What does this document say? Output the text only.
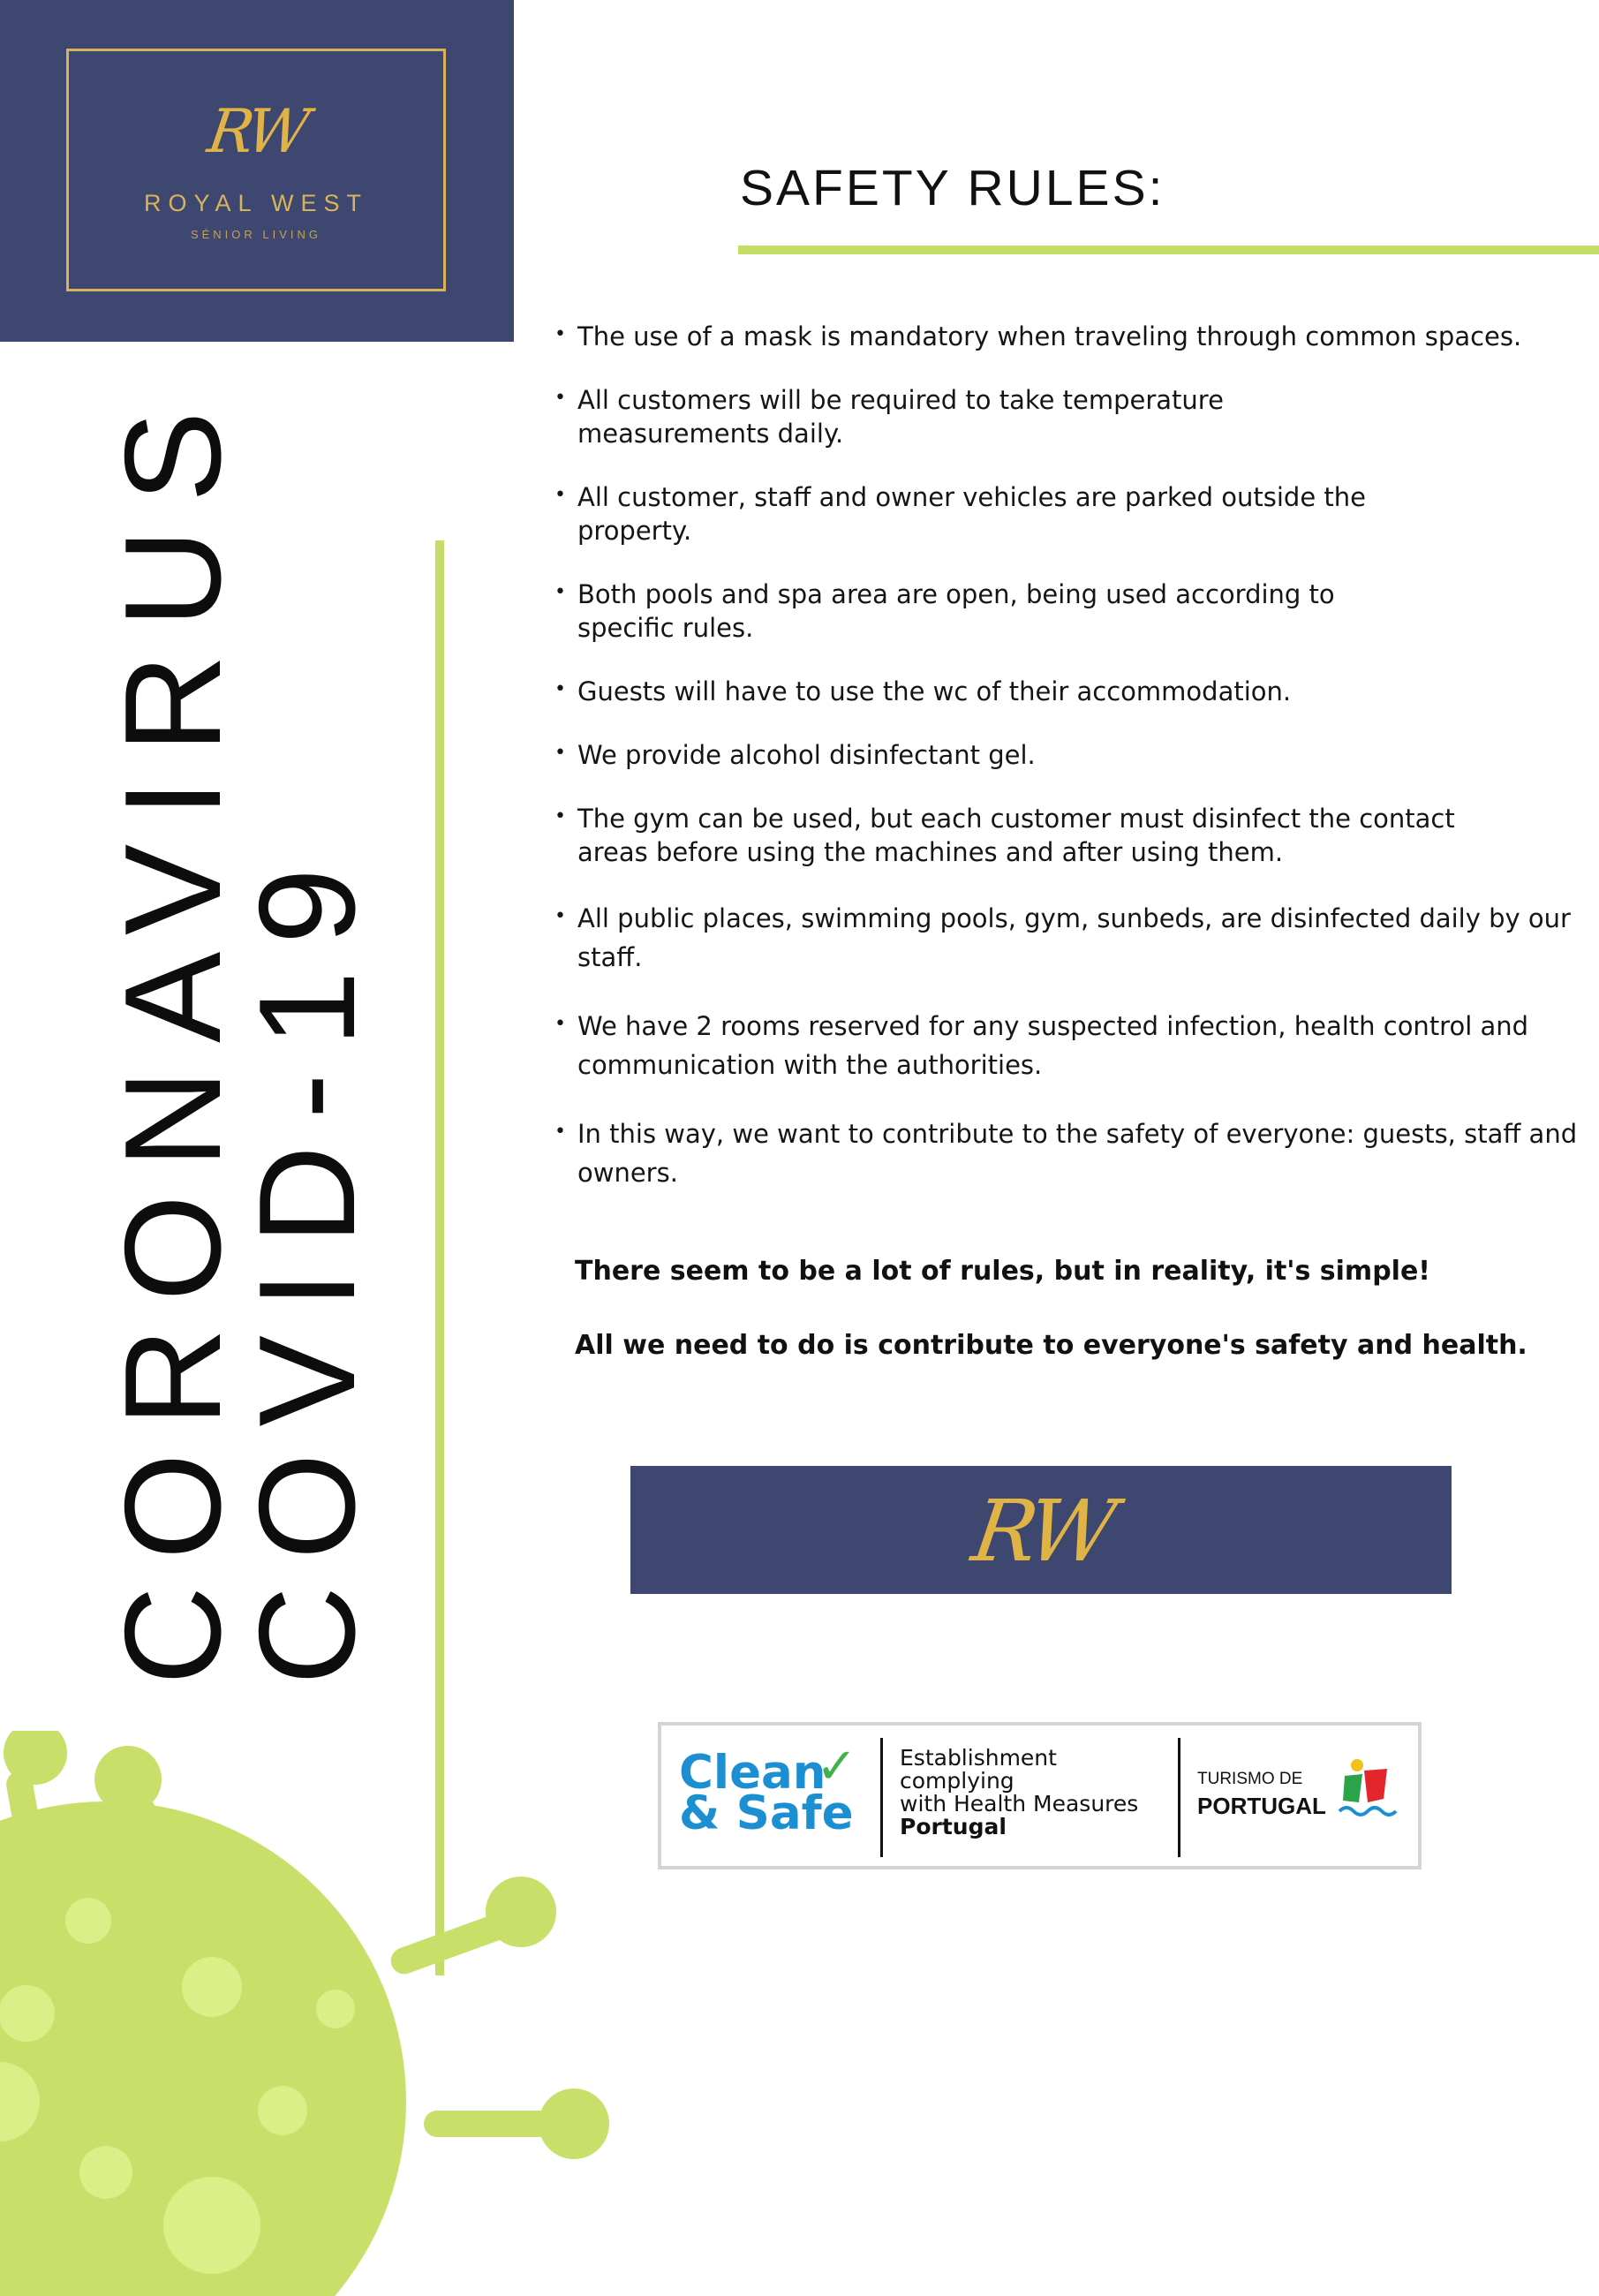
RW
ROYAL WEST
SÉNIOR LIVING
SAFETY RULES:
CORONAVIRUS
COVID-19
• The use of a mask is mandatory when traveling through common spaces.
• All customers will be required to take temperature measurements daily.
• All customer, staff and owner vehicles are parked outside the property.
• Both pools and spa area are open, being used according to specific rules.
• Guests will have to use the wc of their accommodation.
• We provide alcohol disinfectant gel.
• The gym can be used, but each customer must disinfect the contact areas before using the machines and after using them.
• All public places, swimming pools, gym, sunbeds, are disinfected daily by our staff.
• We have 2 rooms reserved for any suspected infection, health control and communication with the authorities.
• In this way, we want to contribute to the safety of everyone: guests, staff and owners.
There seem to be a lot of rules, but in reality, it's simple!
All we need to do is contribute to everyone's safety and health.
RW
Clean
✓
& Safe
Establishment
complying
with Health Measures
Portugal
TURISMO DE
PORTUGAL
